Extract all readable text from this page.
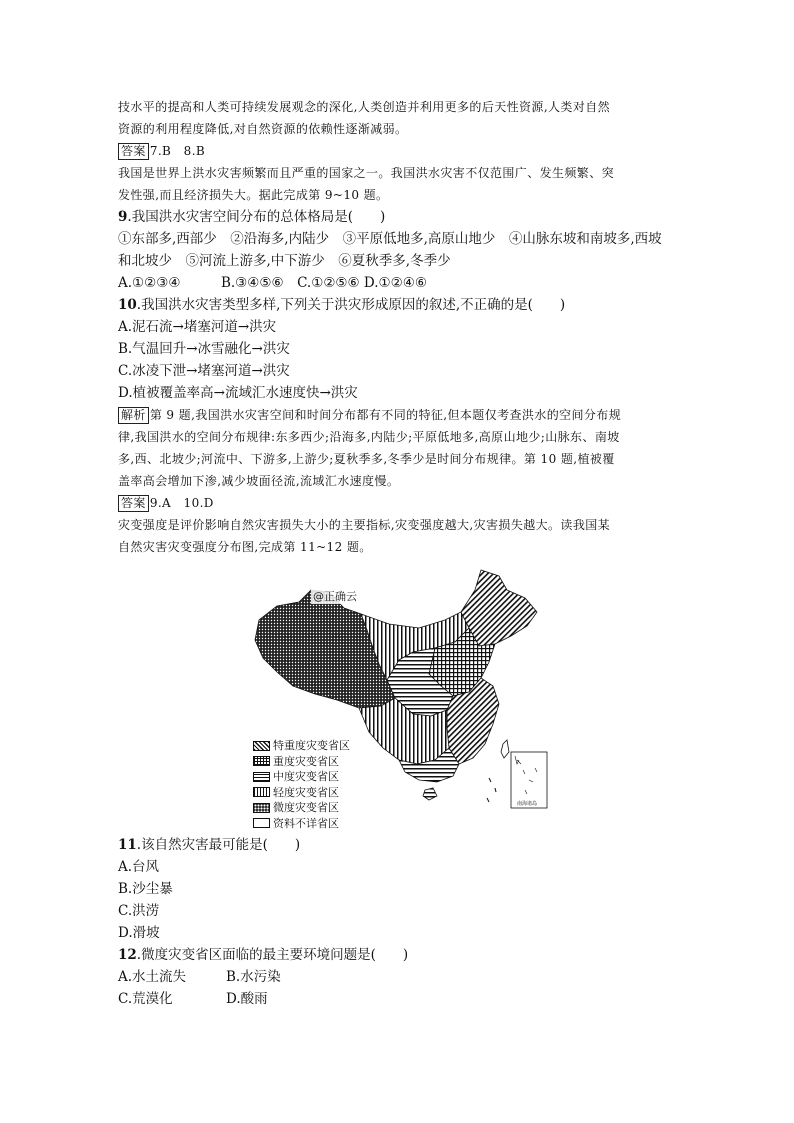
技水平的提高和人类可持续发展观念的深化,人类创造并利用更多的后天性资源,人类对自然

资源的利用程度降低,对自然资源的依赖性逐渐减弱。

答案 7.B　8.B

我国是世界上洪水灾害频繁而且严重的国家之一。我国洪水灾害不仅范围广、发生频繁、突

发性强,而且经济损失大。据此完成第 9~10 题。

9.我国洪水灾害空间分布的总体格局是(　　)

①东部多,西部少　②沿海多,内陆少　③平原低地多,高原山地少　④山脉东坡和南坡多,西坡

和北坡少　⑤河流上游多,中下游少　⑥夏秋季多,冬季少

A.①②③④　　　B.③④⑤⑥　C.①②⑤⑥ D.①②④⑥

10.我国洪水灾害类型多样,下列关于洪灾形成原因的叙述,不正确的是(　　)

A.泥石流→堵塞河道→洪灾

B.气温回升→冰雪融化→洪灾

C.冰凌下泄→堵塞河道→洪灾

D.植被覆盖率高→流域汇水速度快→洪灾

解析 第 9 题,我国洪水灾害空间和时间分布都有不同的特征,但本题仅考查洪水的空间分布规

律,我国洪水的空间分布规律:东多西少;沿海多,内陆少;平原低地多,高原山地少;山脉东、南坡

多,西、北坡少;河流中、下游多,上游少;夏秋季多,冬季少是时间分布规律。第 10 题,植被覆

盖率高会增加下渗,减少坡面径流,流域汇水速度慢。

答案 9.A　10.D

灾变强度是评价影响自然灾害损失大小的主要指标,灾变强度越大,灾害损失越大。读我国某

自然灾害灾变强度分布图,完成第 11~12 题。

@正确云
南海诸岛
特重度灾变省区
重度灾变省区
中度灾变省区
轻度灾变省区
微度灾变省区
资料不详省区

11.该自然灾害最可能是(　　)

A.台风

B.沙尘暴

C.洪涝

D.滑坡

12.微度灾变省区面临的最主要环境问题是(　　)

A.水土流失	B.水污染

C.荒漠化	D.酸雨
